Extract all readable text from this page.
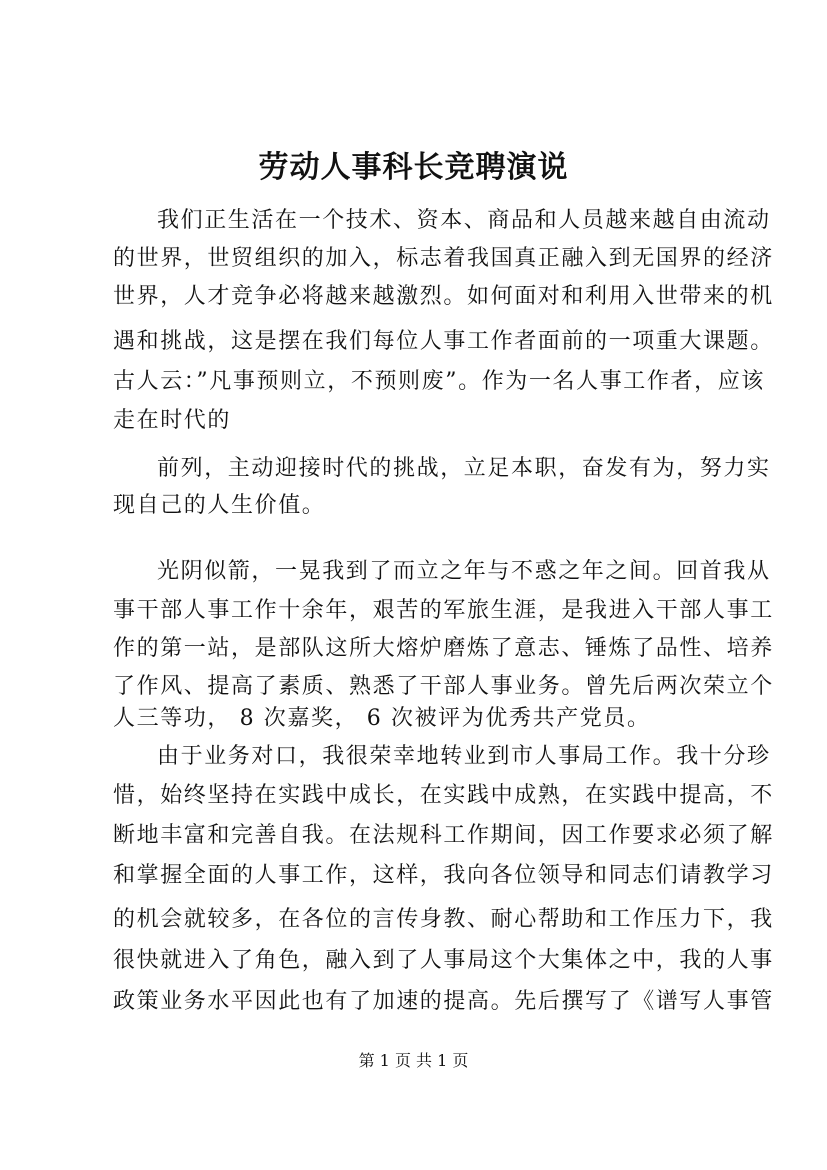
劳动人事科长竞聘演说
我们正生活在一个技术、资本、商品和人员越来越自由流动
的世界，世贸组织的加入，标志着我国真正融入到无国界的经济
世界，人才竞争必将越来越激烈。如何面对和利用入世带来的机
遇和挑战，这是摆在我们每位人事工作者面前的一项重大课题。
古人云：”凡事预则立，不预则废”。作为一名人事工作者，应该
走在时代的
前列，主动迎接时代的挑战，立足本职，奋发有为，努力实
现自己的人生价值。
光阴似箭，一晃我到了而立之年与不惑之年之间。回首我从
事干部人事工作十余年，艰苦的军旅生涯，是我进入干部人事工
作的第一站，是部队这所大熔炉磨炼了意志、锤炼了品性、培养
了作风、提高了素质、熟悉了干部人事业务。曾先后两次荣立个
人三等功， 8 次嘉奖， 6 次被评为优秀共产党员。
由于业务对口，我很荣幸地转业到市人事局工作。我十分珍
惜，始终坚持在实践中成长，在实践中成熟，在实践中提高，不
断地丰富和完善自我。在法规科工作期间，因工作要求必须了解
和掌握全面的人事工作，这样，我向各位领导和同志们请教学习
的机会就较多，在各位的言传身教、耐心帮助和工作压力下，我
很快就进入了角色，融入到了人事局这个大集体之中，我的人事
政策业务水平因此也有了加速的提高。先后撰写了《谱写人事管
第 1 页 共 1 页
